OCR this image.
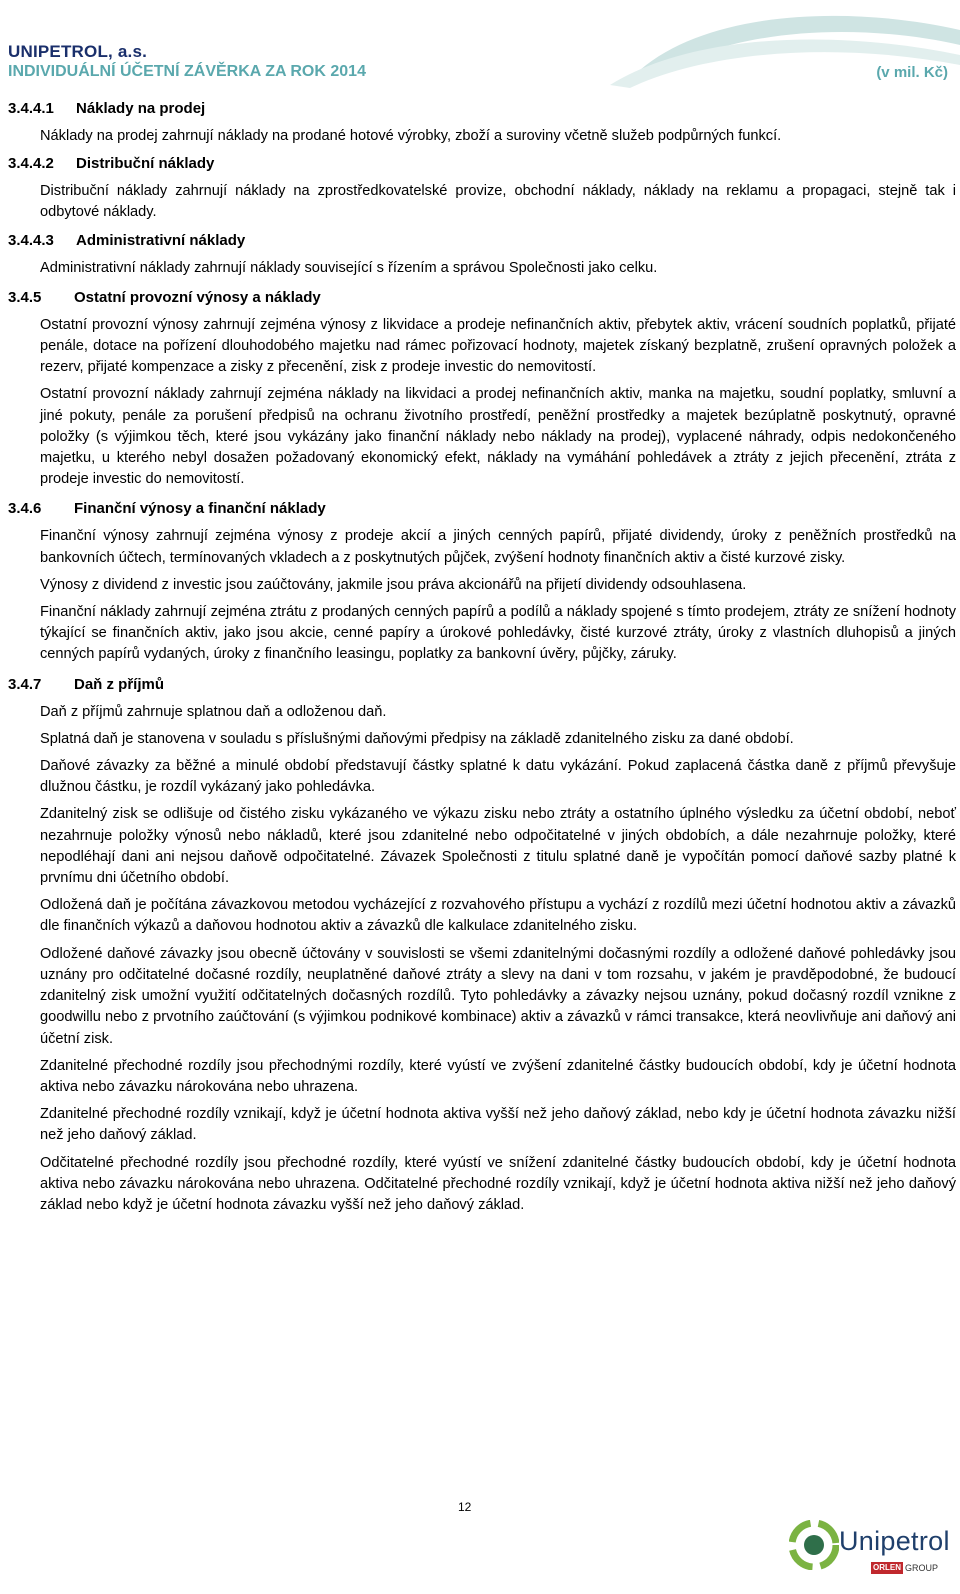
UNIPETROL, a.s.
INDIVIDUÁLNÍ ÚČETNÍ ZÁVĚRKA ZA ROK 2014	(v mil. Kč)
3.4.4.1 Náklady na prodej

Náklady na prodej zahrnují náklady na prodané hotové výrobky, zboží a suroviny včetně služeb podpůrných funkcí.

3.4.4.2 Distribuční náklady

Distribuční náklady zahrnují náklady na zprostředkovatelské provize, obchodní náklady, náklady na reklamu a propagaci, stejně tak i odbytové náklady.

3.4.4.3 Administrativní náklady

Administrativní náklady zahrnují náklady související s řízením a správou Společnosti jako celku.

3.4.5 Ostatní provozní výnosy a náklady

Ostatní provozní výnosy zahrnují zejména výnosy z likvidace a prodeje nefinančních aktiv, přebytek aktiv, vrácení soudních poplatků, přijaté penále, dotace na pořízení dlouhodobého majetku nad rámec pořizovací hodnoty, majetek získaný bezplatně, zrušení opravných položek a rezerv, přijaté kompenzace a zisky z přecenění, zisk z prodeje investic do nemovitostí.

Ostatní provozní náklady zahrnují zejména náklady na likvidaci a prodej nefinančních aktiv, manka na majetku, soudní poplatky, smluvní a jiné pokuty, penále za porušení předpisů na ochranu životního prostředí, peněžní prostředky a majetek bezúplatně poskytnutý, opravné položky (s výjimkou těch, které jsou vykázány jako finanční náklady nebo náklady na prodej), vyplacené náhrady, odpis nedokončeného majetku, u kterého nebyl dosažen požadovaný ekonomický efekt, náklady na vymáhání pohledávek a ztráty z jejich přecenění, ztráta z prodeje investic do nemovitostí.

3.4.6 Finanční výnosy a finanční náklady

Finanční výnosy zahrnují zejména výnosy z prodeje akcií a jiných cenných papírů, přijaté dividendy, úroky z peněžních prostředků na bankovních účtech, termínovaných vkladech a z poskytnutých půjček, zvýšení hodnoty finančních aktiv a čisté kurzové zisky.

Výnosy z dividend z investic jsou zaúčtovány, jakmile jsou práva akcionářů na přijetí dividendy odsouhlasena.

Finanční náklady zahrnují zejména ztrátu z prodaných cenných papírů a podílů a náklady spojené s tímto prodejem, ztráty ze snížení hodnoty týkající se finančních aktiv, jako jsou akcie, cenné papíry a úrokové pohledávky, čisté kurzové ztráty, úroky z vlastních dluhopisů a jiných cenných papírů vydaných, úroky z finančního leasingu, poplatky za bankovní úvěry, půjčky, záruky.

3.4.7 Daň z příjmů

Daň z příjmů zahrnuje splatnou daň a odloženou daň.

Splatná daň je stanovena v souladu s příslušnými daňovými předpisy na základě zdanitelného zisku za dané období.

Daňové závazky za běžné a minulé období představují částky splatné k datu vykázání. Pokud zaplacená částka daně z příjmů převyšuje dlužnou částku, je rozdíl vykázaný jako pohledávka.

Zdanitelný zisk se odlišuje od čistého zisku vykázaného ve výkazu zisku nebo ztráty a ostatního úplného výsledku za účetní období, neboť nezahrnuje položky výnosů nebo nákladů, které jsou zdanitelné nebo odpočitatelné v jiných obdobích, a dále nezahrnuje položky, které nepodléhají dani ani nejsou daňově odpočitatelné. Závazek Společnosti z titulu splatné daně je vypočítán pomocí daňové sazby platné k prvnímu dni účetního období.

Odložená daň je počítána závazkovou metodou vycházející z rozvahového přístupu a vychází z rozdílů mezi účetní hodnotou aktiv a závazků dle finančních výkazů a daňovou hodnotou aktiv a závazků dle kalkulace zdanitelného zisku.

Odložené daňové závazky jsou obecně účtovány v souvislosti se všemi zdanitelnými dočasnými rozdíly a odložené daňové pohledávky jsou uznány pro odčitatelné dočasné rozdíly, neuplatněné daňové ztráty a slevy na dani v tom rozsahu, v jakém je pravděpodobné, že budoucí zdanitelný zisk umožní využití odčitatelných dočasných rozdílů. Tyto pohledávky a závazky nejsou uznány, pokud dočasný rozdíl vznikne z goodwillu nebo z prvotního zaúčtování (s výjimkou podnikové kombinace) aktiv a závazků v rámci transakce, která neovlivňuje ani daňový ani účetní zisk.

Zdanitelné přechodné rozdíly jsou přechodnými rozdíly, které vyústí ve zvýšení zdanitelné částky budoucích období, kdy je účetní hodnota aktiva nebo závazku nárokována nebo uhrazena.

Zdanitelné přechodné rozdíly vznikají, když je účetní hodnota aktiva vyšší než jeho daňový základ, nebo kdy je účetní hodnota závazku nižší než jeho daňový základ.

Odčitatelné přechodné rozdíly jsou přechodné rozdíly, které vyústí ve snížení zdanitelné částky budoucích období, kdy je účetní hodnota aktiva nebo závazku nárokována nebo uhrazena. Odčitatelné přechodné rozdíly vznikají, když je účetní hodnota aktiva nižší než jeho daňový základ nebo když je účetní hodnota závazku vyšší než jeho daňový základ.

12
Unipetrol
ORLEN GROUP
